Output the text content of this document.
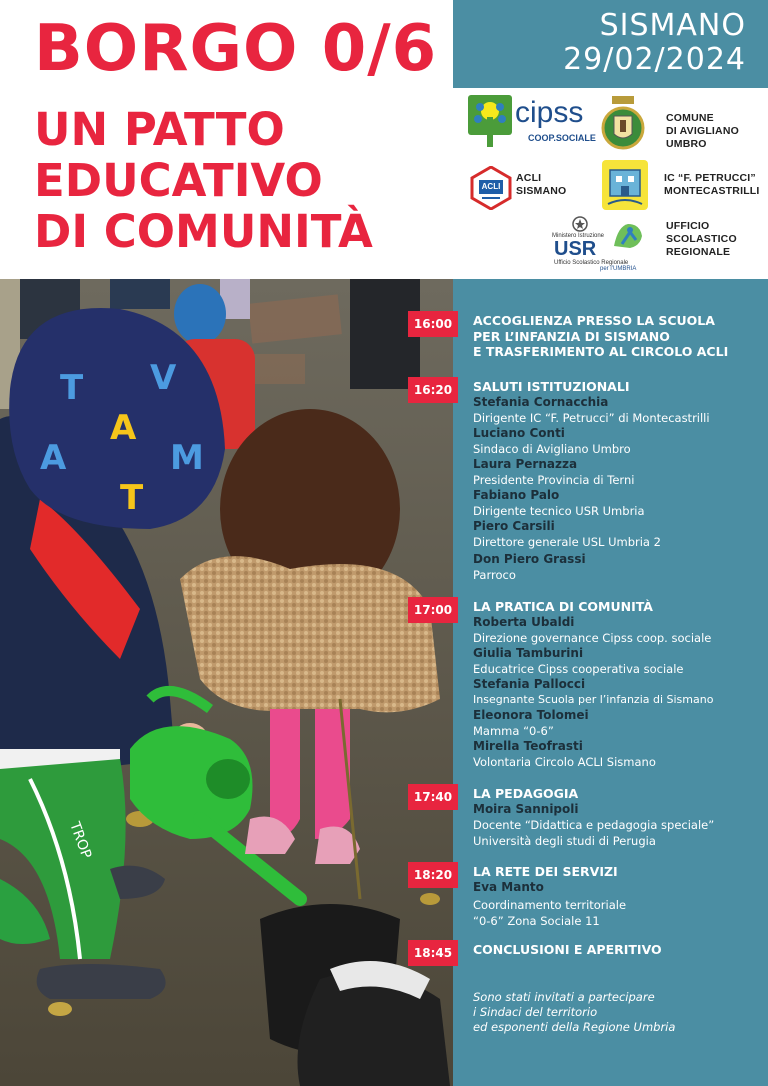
BORGO 0/6
UN PATTO
EDUCATIVO
DI COMUNITÀ
SISMANO
29/02/2024
cipss
COOP.SOCIALE
COMUNE
DI AVIGLIANO
UMBRO
ACLI
ACLI
SISMANO
IC “F. PETRUCCI”
MONTECASTRILLI
Ministero Istruzione
USR
Ufficio Scolastico Regionale
per l’UMBRIA
UFFICIO
SCOLASTICO
REGIONALE
T
A
V
M
T
A
TROP
16:00	ACCOGLIENZA PRESSO LA SCUOLA
PER L’INFANZIA DI SISMANO
E TRASFERIMENTO AL CIRCOLO ACLI
16:20	SALUTI ISTITUZIONALI
Stefania Cornacchia
Dirigente IC “F. Petrucci” di Montecastrilli
Luciano Conti
Sindaco di Avigliano Umbro
Laura Pernazza
Presidente Provincia di Terni
Fabiano Palo
Dirigente tecnico USR Umbria
Piero Carsili
Direttore generale USL Umbria 2
Don Piero Grassi
Parroco
17:00	LA PRATICA DI COMUNITÀ
Roberta Ubaldi
Direzione governance Cipss coop. sociale
Giulia Tamburini
Educatrice Cipss cooperativa sociale
Stefania Pallocci
Insegnante Scuola per l’infanzia di Sismano
Eleonora Tolomei
Mamma “0-6”
Mirella Teofrasti
Volontaria Circolo ACLI Sismano
17:40	LA PEDAGOGIA
Moira Sannipoli
Docente “Didattica e pedagogia speciale”
Università degli studi di Perugia
18:20	LA RETE DEI SERVIZI
Eva Manto
Coordinamento territoriale
“0-6” Zona Sociale 11
18:45	CONCLUSIONI E APERITIVO
Sono stati invitati a partecipare
i Sindaci del territorio
ed esponenti della Regione Umbria
